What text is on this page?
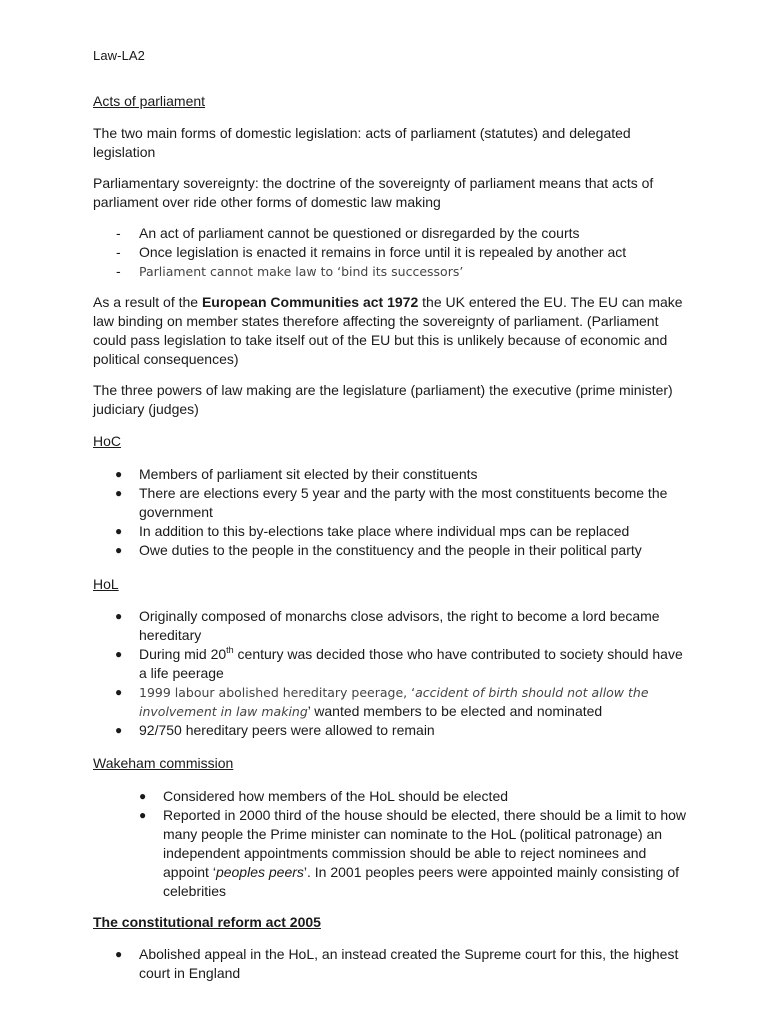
Law-LA2
Acts of parliament

The two main forms of domestic legislation: acts of parliament (statutes) and delegated legislation

Parliamentary sovereignty: the doctrine of the sovereignty of parliament means that acts of parliament over ride other forms of domestic law making

- An act of parliament cannot be questioned or disregarded by the courts
- Once legislation is enacted it remains in force until it is repealed by another act
- Parliament cannot make law to ‘bind its successors’

As a result of the European Communities act 1972 the UK entered the EU. The EU can make law binding on member states therefore affecting the sovereignty of parliament. (Parliament could pass legislation to take itself out of the EU but this is unlikely because of economic and political consequences)

The three powers of law making are the legislature (parliament) the executive (prime minister) judiciary (judges)

HoC
● Members of parliament sit elected by their constituents
● There are elections every 5 year and the party with the most constituents become the government
● In addition to this by-elections take place where individual mps can be replaced
● Owe duties to the people in the constituency and the people in their political party
HoL
● Originally composed of monarchs close advisors, the right to become a lord became hereditary
● During mid 20th century was decided those who have contributed to society should have a life peerage
● 1999 labour abolished hereditary peerage, ‘accident of birth should not allow the involvement in law making’ wanted members to be elected and nominated
● 92/750 hereditary peers were allowed to remain
Wakeham commission
● Considered how members of the HoL should be elected
● Reported in 2000 third of the house should be elected, there should be a limit to how many people the Prime minister can nominate to the HoL (political patronage) an independent appointments commission should be able to reject nominees and appoint ‘peoples peers’. In 2001 peoples peers were appointed mainly consisting of celebrities
The constitutional reform act 2005
● Abolished appeal in the HoL, an instead created the Supreme court for this, the highest court in England
